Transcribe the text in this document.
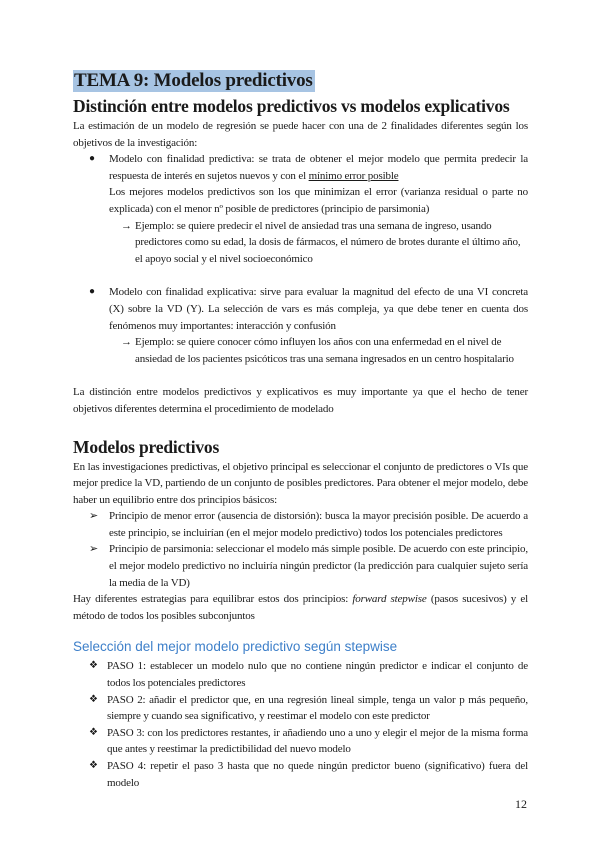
TEMA 9: Modelos predictivos
Distinción entre modelos predictivos vs modelos explicativos

La estimación de un modelo de regresión se puede hacer con una de 2 finalidades diferentes según los objetivos de la investigación:

● Modelo con finalidad predictiva: se trata de obtener el mejor modelo que permita predecir la respuesta de interés en sujetos nuevos y con el mínimo error posible
Los mejores modelos predictivos son los que minimizan el error (varianza residual o parte no explicada) con el menor nº posible de predictores (principio de parsimonia)
→ Ejemplo: se quiere predecir el nivel de ansiedad tras una semana de ingreso, usando predictores como su edad, la dosis de fármacos, el número de brotes durante el último año, el apoyo social y el nivel socioeconómico
● Modelo con finalidad explicativa: sirve para evaluar la magnitud del efecto de una VI concreta (X) sobre la VD (Y). La selección de vars es más compleja, ya que debe tener en cuenta dos fenómenos muy importantes: interacción y confusión
→ Ejemplo: se quiere conocer cómo influyen los años con una enfermedad en el nivel de ansiedad de los pacientes psicóticos tras una semana ingresados en un centro hospitalario

La distinción entre modelos predictivos y explicativos es muy importante ya que el hecho de tener objetivos diferentes determina el procedimiento de modelado

Modelos predictivos

En las investigaciones predictivas, el objetivo principal es seleccionar el conjunto de predictores o VIs que mejor predice la VD, partiendo de un conjunto de posibles predictores. Para obtener el mejor modelo, debe haber un equilibrio entre dos principios básicos:

➢ Principio de menor error (ausencia de distorsión): busca la mayor precisión posible. De acuerdo a este principio, se incluirían (en el mejor modelo predictivo) todos los potenciales predictores
➢ Principio de parsimonia: seleccionar el modelo más simple posible. De acuerdo con este principio, el mejor modelo predictivo no incluiría ningún predictor (la predicción para cualquier sujeto sería la media de la VD)

Hay diferentes estrategias para equilibrar estos dos principios: forward stepwise (pasos sucesivos) y el método de todos los posibles subconjuntos

Selección del mejor modelo predictivo según stepwise
❖ PASO 1: establecer un modelo nulo que no contiene ningún predictor e indicar el conjunto de todos los potenciales predictores
❖ PASO 2: añadir el predictor que, en una regresión lineal simple, tenga un valor p más pequeño, siempre y cuando sea significativo, y reestimar el modelo con este predictor
❖ PASO 3: con los predictores restantes, ir añadiendo uno a uno y elegir el mejor de la misma forma que antes y reestimar la predictibilidad del nuevo modelo
❖ PASO 4: repetir el paso 3 hasta que no quede ningún predictor bueno (significativo) fuera del modelo
12
